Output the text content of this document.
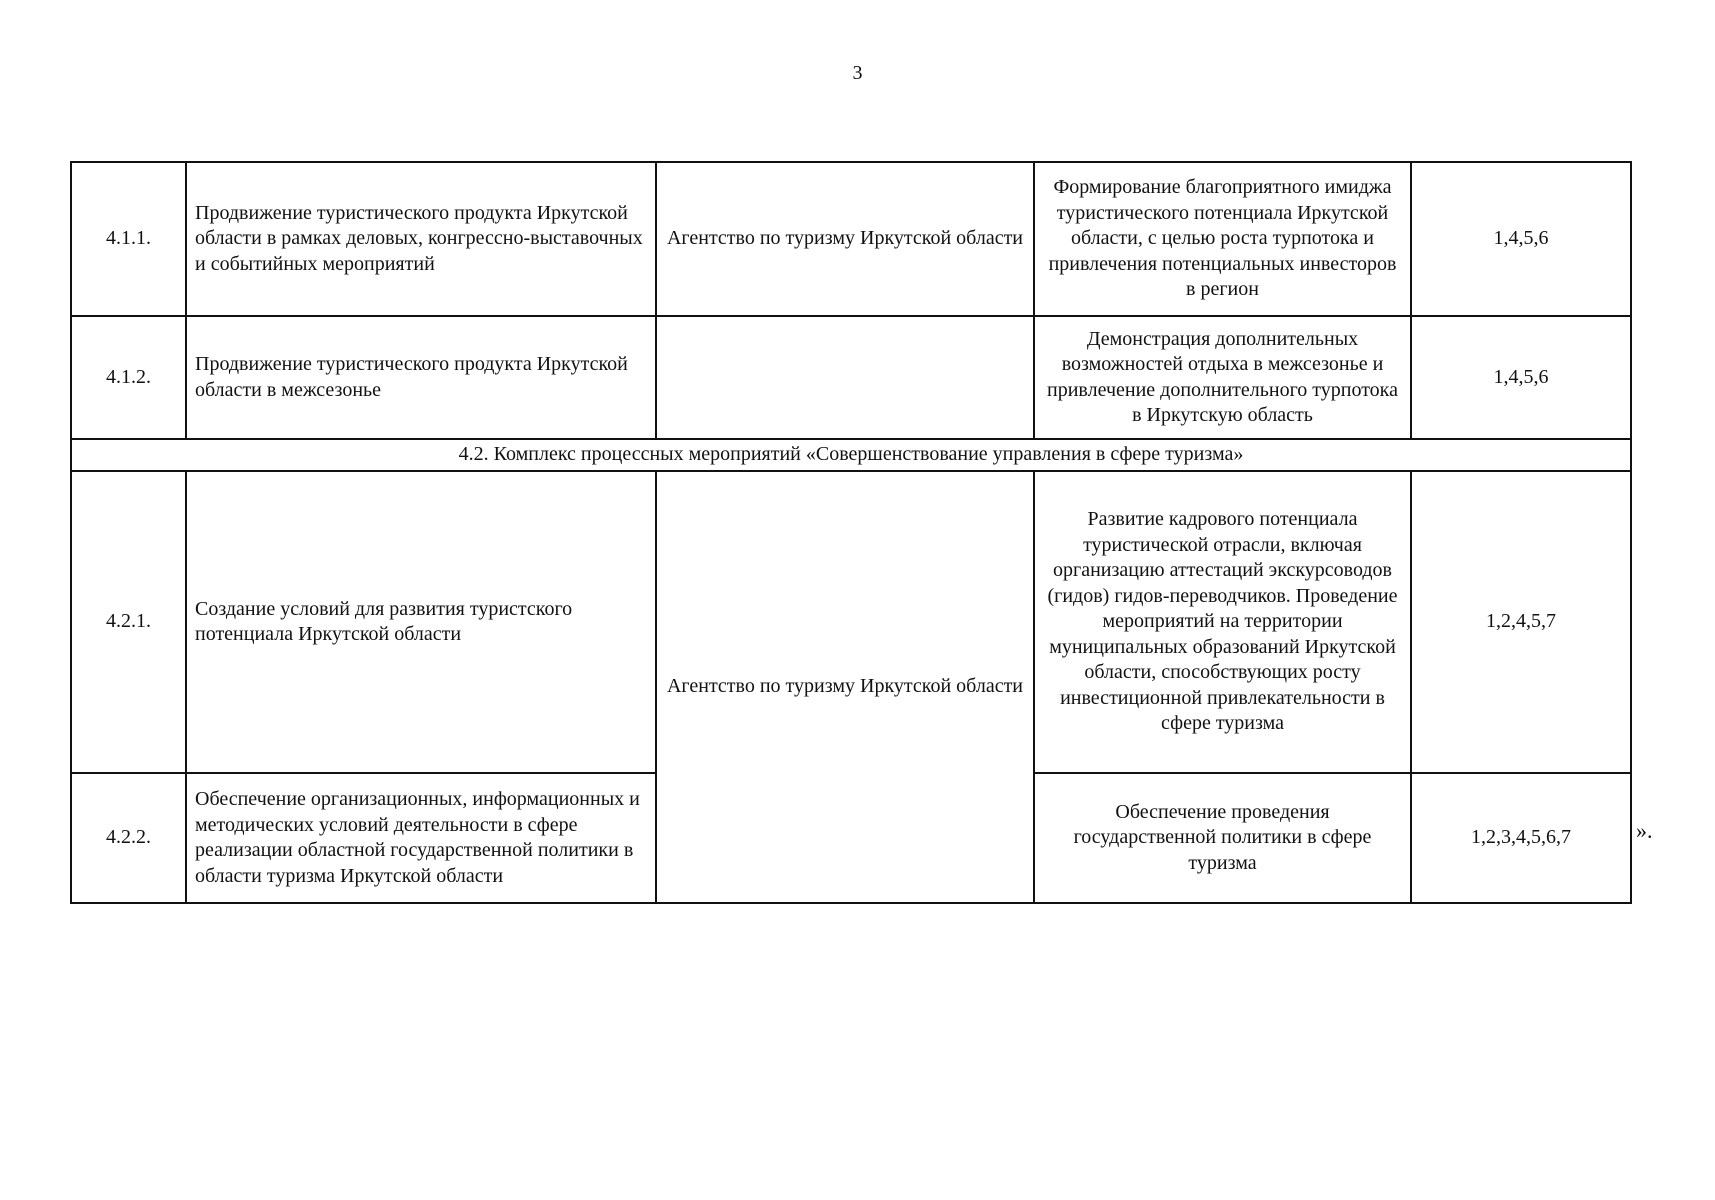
3
4.1.1.	Продвижение туристического продукта Иркутской области в рамках деловых, конгрессно-выставочных и событийных мероприятий	Агентство по туризму Иркутской области	Формирование благоприятного имиджа туристического потенциала Иркутской области, с целью роста турпотока и привлечения потенциальных инвесторов в регион	1,4,5,6
4.1.2.	Продвижение туристического продукта Иркутской области в межсезонье		Демонстрация дополнительных возможностей отдыха в межсезонье и привлечение дополнительного турпотока в Иркутскую область	1,4,5,6
4.2. Комплекс процессных мероприятий «Совершенствование управления в сфере туризма»				
4.2.1.	Создание условий для развития туристского потенциала Иркутской области	Агентство по туризму Иркутской области	Развитие кадрового потенциала туристической отрасли, включая организацию аттестаций экскурсоводов (гидов) гидов-переводчиков. Проведение мероприятий на территории муниципальных образований Иркутской области, способствующих росту инвестиционной привлекательности в сфере туризма	1,2,4,5,7
4.2.2.	Обеспечение организационных, информационных и методических условий деятельности в сфере реализации областной государственной политики в области туризма Иркутской области		Обеспечение проведения государственной политики в сфере туризма	1,2,3,4,5,6,7	».
